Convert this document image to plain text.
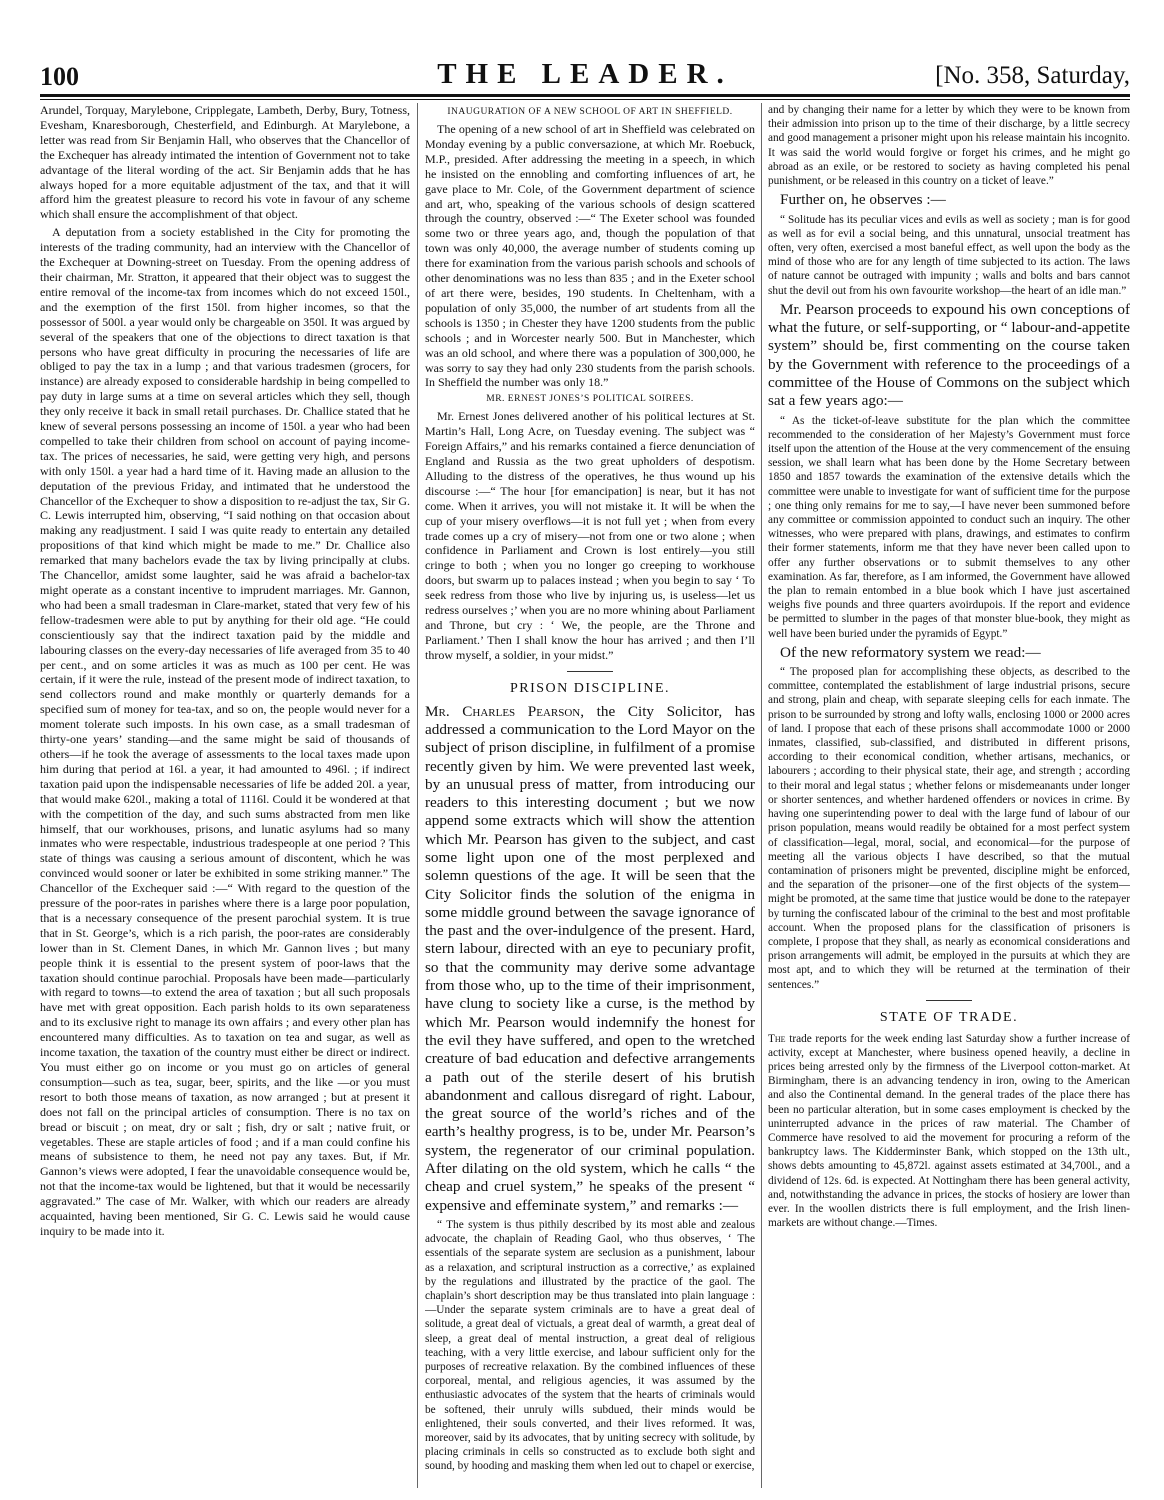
100	THE LEADER.	[No. 358, Saturday,

Arundel, Torquay, Marylebone, Cripplegate, Lambeth, Derby, Bury, Totness, Evesham, Knaresborough, Chesterfield, and Edinburgh. At Marylebone, a letter was read from Sir Benjamin Hall, who observes that the Chancellor of the Exchequer has already intimated the intention of Government not to take advantage of the literal wording of the act. Sir Benjamin adds that he has always hoped for a more equitable adjustment of the tax, and that it will afford him the greatest pleasure to record his vote in favour of any scheme which shall ensure the accomplishment of that object.

A deputation from a society established in the City for promoting the interests of the trading community, had an interview with the Chancellor of the Exchequer at Downing-street on Tuesday. From the opening address of their chairman, Mr. Stratton, it appeared that their object was to suggest the entire removal of the income-tax from incomes which do not exceed 150l., and the exemption of the first 150l. from higher incomes, so that the possessor of 500l. a year would only be chargeable on 350l. It was argued by several of the speakers that one of the objections to direct taxation is that persons who have great difficulty in procuring the necessaries of life are obliged to pay the tax in a lump ; and that various tradesmen (grocers, for instance) are already exposed to considerable hardship in being compelled to pay duty in large sums at a time on several articles which they sell, though they only receive it back in small retail purchases. Dr. Challice stated that he knew of several persons possessing an income of 150l. a year who had been compelled to take their children from school on account of paying income-tax. The prices of necessaries, he said, were getting very high, and persons with only 150l. a year had a hard time of it. Having made an allusion to the deputation of the previous Friday, and intimated that he understood the Chancellor of the Exchequer to show a disposition to re-adjust the tax, Sir G. C. Lewis interrupted him, observing, “I said nothing on that occasion about making any readjustment. I said I was quite ready to entertain any detailed propositions of that kind which might be made to me.” Dr. Challice also remarked that many bachelors evade the tax by living principally at clubs. The Chancellor, amidst some laughter, said he was afraid a bachelor-tax might operate as a constant incentive to imprudent marriages. Mr. Gannon, who had been a small tradesman in Clare-market, stated that very few of his fellow-tradesmen were able to put by anything for their old age. “He could conscientiously say that the indirect taxation paid by the middle and labouring classes on the every-day necessaries of life averaged from 35 to 40 per cent., and on some articles it was as much as 100 per cent. He was certain, if it were the rule, instead of the present mode of indirect taxation, to send collectors round and make monthly or quarterly demands for a specified sum of money for tea-tax, and so on, the people would never for a moment tolerate such imposts. In his own case, as a small tradesman of thirty-one years’ standing—and the same might be said of thousands of others—if he took the average of assessments to the local taxes made upon him during that period at 16l. a year, it had amounted to 496l. ; if indirect taxation paid upon the indispensable necessaries of life be added 20l. a year, that would make 620l., making a total of 1116l. Could it be wondered at that with the competition of the day, and such sums abstracted from men like himself, that our workhouses, prisons, and lunatic asylums had so many inmates who were respectable, industrious tradespeople at one period ? This state of things was causing a serious amount of discontent, which he was convinced would sooner or later be exhibited in some striking manner.” The Chancellor of the Exchequer said :—“ With regard to the question of the pressure of the poor-rates in parishes where there is a large poor population, that is a necessary consequence of the present parochial system. It is true that in St. George’s, which is a rich parish, the poor-rates are considerably lower than in St. Clement Danes, in which Mr. Gannon lives ; but many people think it is essential to the present system of poor-laws that the taxation should continue parochial. Proposals have been made—particularly with regard to towns—to extend the area of taxation ; but all such proposals have met with great opposition. Each parish holds to its own separateness and to its exclusive right to manage its own affairs ; and every other plan has encountered many difficulties. As to taxation on tea and sugar, as well as income taxation, the taxation of the country must either be direct or indirect. You must either go on income or you must go on articles of general consumption—such as tea, sugar, beer, spirits, and the like —or you must resort to both those means of taxation, as now arranged ; but at present it does not fall on the principal articles of consumption. There is no tax on bread or biscuit ; on meat, dry or salt ; fish, dry or salt ; native fruit, or vegetables. These are staple articles of food ; and if a man could confine his means of subsistence to them, he need not pay any taxes. But, if Mr. Gannon’s views were adopted, I fear the unavoidable consequence would be, not that the income-tax would be lightened, but that it would be necessarily aggravated.” The case of Mr. Walker, with which our readers are already acquainted, having been mentioned, Sir G. C. Lewis said he would cause inquiry to be made into it.

INAUGURATION OF A NEW SCHOOL OF ART IN SHEFFIELD.

The opening of a new school of art in Sheffield was celebrated on Monday evening by a public conversazione, at which Mr. Roebuck, M.P., presided. After addressing the meeting in a speech, in which he insisted on the ennobling and comforting influences of art, he gave place to Mr. Cole, of the Government department of science and art, who, speaking of the various schools of design scattered through the country, observed :—“ The Exeter school was founded some two or three years ago, and, though the population of that town was only 40,000, the average number of students coming up there for examination from the various parish schools and schools of other denominations was no less than 835 ; and in the Exeter school of art there were, besides, 190 students. In Cheltenham, with a population of only 35,000, the number of art students from all the schools is 1350 ; in Chester they have 1200 students from the public schools ; and in Worcester nearly 500. But in Manchester, which was an old school, and where there was a population of 300,000, he was sorry to say they had only 230 students from the parish schools. In Sheffield the number was only 18.”

MR. ERNEST JONES’S POLITICAL SOIREES.

Mr. Ernest Jones delivered another of his political lectures at St. Martin’s Hall, Long Acre, on Tuesday evening. The subject was “ Foreign Affairs,” and his remarks contained a fierce denunciation of England and Russia as the two great upholders of despotism. Alluding to the distress of the operatives, he thus wound up his discourse :—“ The hour [for emancipation] is near, but it has not come. When it arrives, you will not mistake it. It will be when the cup of your misery overflows—it is not full yet ; when from every trade comes up a cry of misery—not from one or two alone ; when confidence in Parliament and Crown is lost entirely—you still cringe to both ; when you no longer go creeping to workhouse doors, but swarm up to palaces instead ; when you begin to say ‘ To seek redress from those who live by injuring us, is useless—let us redress ourselves ;’ when you are no more whining about Parliament and Throne, but cry : ‘ We, the people, are the Throne and Parliament.’ Then I shall know the hour has arrived ; and then I’ll throw myself, a soldier, in your midst.”

PRISON DISCIPLINE.

Mr. Charles Pearson, the City Solicitor, has addressed a communication to the Lord Mayor on the subject of prison discipline, in fulfilment of a promise recently given by him. We were prevented last week, by an unusual press of matter, from introducing our readers to this interesting document ; but we now append some extracts which will show the attention which Mr. Pearson has given to the subject, and cast some light upon one of the most perplexed and solemn questions of the age. It will be seen that the City Solicitor finds the solution of the enigma in some middle ground between the savage ignorance of the past and the over-indulgence of the present. Hard, stern labour, directed with an eye to pecuniary profit, so that the community may derive some advantage from those who, up to the time of their imprisonment, have clung to society like a curse, is the method by which Mr. Pearson would indemnify the honest for the evil they have suffered, and open to the wretched creature of bad education and defective arrangements a path out of the sterile desert of his brutish abandonment and callous disregard of right. Labour, the great source of the world’s riches and of the earth’s healthy progress, is to be, under Mr. Pearson’s system, the regenerator of our criminal population. After dilating on the old system, which he calls “ the cheap and cruel system,” he speaks of the present “ expensive and effeminate system,” and remarks :—

“ The system is thus pithily described by its most able and zealous advocate, the chaplain of Reading Gaol, who thus observes, ‘ The essentials of the separate system are seclusion as a punishment, labour as a relaxation, and scriptural instruction as a corrective,’ as explained by the regulations and illustrated by the practice of the gaol. The chaplain’s short description may be thus translated into plain language :—Under the separate system criminals are to have a great deal of solitude, a great deal of victuals, a great deal of warmth, a great deal of sleep, a great deal of mental instruction, a great deal of religious teaching, with a very little exercise, and labour sufficient only for the purposes of recreative relaxation. By the combined influences of these corporeal, mental, and religious agencies, it was assumed by the enthusiastic advocates of the system that the hearts of criminals would be softened, their unruly wills subdued, their minds would be enlightened, their souls converted, and their lives reformed. It was, moreover, said by its advocates, that by uniting secrecy with solitude, by placing criminals in cells so constructed as to exclude both sight and sound, by hooding and masking them when led out to chapel or exercise,

and by changing their name for a letter by which they were to be known from their admission into prison up to the time of their discharge, by a little secrecy and good management a prisoner might upon his release maintain his incognito. It was said the world would forgive or forget his crimes, and he might go abroad as an exile, or be restored to society as having completed his penal punishment, or be released in this country on a ticket of leave.”

Further on, he observes :—

“ Solitude has its peculiar vices and evils as well as society ; man is for good as well as for evil a social being, and this unnatural, unsocial treatment has often, very often, exercised a most baneful effect, as well upon the body as the mind of those who are for any length of time subjected to its action. The laws of nature cannot be outraged with impunity ; walls and bolts and bars cannot shut the devil out from his own favourite workshop—the heart of an idle man.”

Mr. Pearson proceeds to expound his own conceptions of what the future, or self-supporting, or “ labour-and-appetite system” should be, first commenting on the course taken by the Government with reference to the proceedings of a committee of the House of Commons on the subject which sat a few years ago:—

“ As the ticket-of-leave substitute for the plan which the committee recommended to the consideration of her Majesty’s Government must force itself upon the attention of the House at the very commencement of the ensuing session, we shall learn what has been done by the Home Secretary between 1850 and 1857 towards the examination of the extensive details which the committee were unable to investigate for want of sufficient time for the purpose ; one thing only remains for me to say,—I have never been summoned before any committee or commission appointed to conduct such an inquiry. The other witnesses, who were prepared with plans, drawings, and estimates to confirm their former statements, inform me that they have never been called upon to offer any further observations or to submit themselves to any other examination. As far, therefore, as I am informed, the Government have allowed the plan to remain entombed in a blue book which I have just ascertained weighs five pounds and three quarters avoirdupois. If the report and evidence be permitted to slumber in the pages of that monster blue-book, they might as well have been buried under the pyramids of Egypt.”

Of the new reformatory system we read:—

“ The proposed plan for accomplishing these objects, as described to the committee, contemplated the establishment of large industrial prisons, secure and strong, plain and cheap, with separate sleeping cells for each inmate. The prison to be surrounded by strong and lofty walls, enclosing 1000 or 2000 acres of land. I propose that each of these prisons shall accommodate 1000 or 2000 inmates, classified, sub-classified, and distributed in different prisons, according to their economical condition, whether artisans, mechanics, or labourers ; according to their physical state, their age, and strength ; according to their moral and legal status ; whether felons or misdemeanants under longer or shorter sentences, and whether hardened offenders or novices in crime. By having one superintending power to deal with the large fund of labour of our prison population, means would readily be obtained for a most perfect system of classification—legal, moral, social, and economical—for the purpose of meeting all the various objects I have described, so that the mutual contamination of prisoners might be prevented, discipline might be enforced, and the separation of the prisoner—one of the first objects of the system—might be promoted, at the same time that justice would be done to the ratepayer by turning the confiscated labour of the criminal to the best and most profitable account. When the proposed plans for the classification of prisoners is complete, I propose that they shall, as nearly as economical considerations and prison arrangements will admit, be employed in the pursuits at which they are most apt, and to which they will be returned at the termination of their sentences.”

STATE OF TRADE.

The trade reports for the week ending last Saturday show a further increase of activity, except at Manchester, where business opened heavily, a decline in prices being arrested only by the firmness of the Liverpool cotton-market. At Birmingham, there is an advancing tendency in iron, owing to the American and also the Continental demand. In the general trades of the place there has been no particular alteration, but in some cases employment is checked by the uninterrupted advance in the prices of raw material. The Chamber of Commerce have resolved to aid the movement for procuring a reform of the bankruptcy laws. The Kidderminster Bank, which stopped on the 13th ult., shows debts amounting to 45,872l. against assets estimated at 34,700l., and a dividend of 12s. 6d. is expected. At Nottingham there has been general activity, and, notwithstanding the advance in prices, the stocks of hosiery are lower than ever. In the woollen districts there is full employment, and the Irish linen-markets are without change.—Times.
